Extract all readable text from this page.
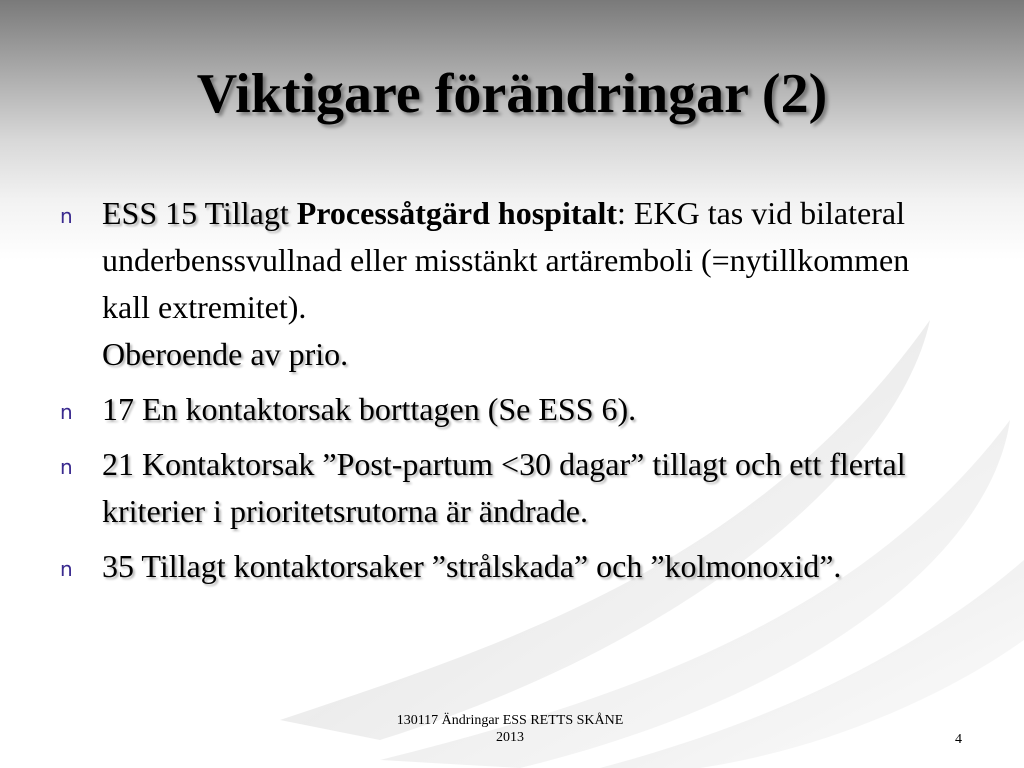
Viktigare förändringar (2)
n ESS 15 Tillagt Processåtgärd hospitalt: EKG tas vid bilateral underbenssvullnad eller misstänkt artäremboli (=nytillkommen kall extremitet).
Oberoende av prio.
n 17 En kontaktorsak borttagen (Se ESS 6).
n 21 Kontaktorsak ”Post-partum <30 dagar” tillagt och ett flertal kriterier i prioritetsrutorna är ändrade.
n 35 Tillagt kontaktorsaker ”strålskada” och ”kolmonoxid”.
130117 Ändringar ESS RETTS SKÅNE
2013	4
